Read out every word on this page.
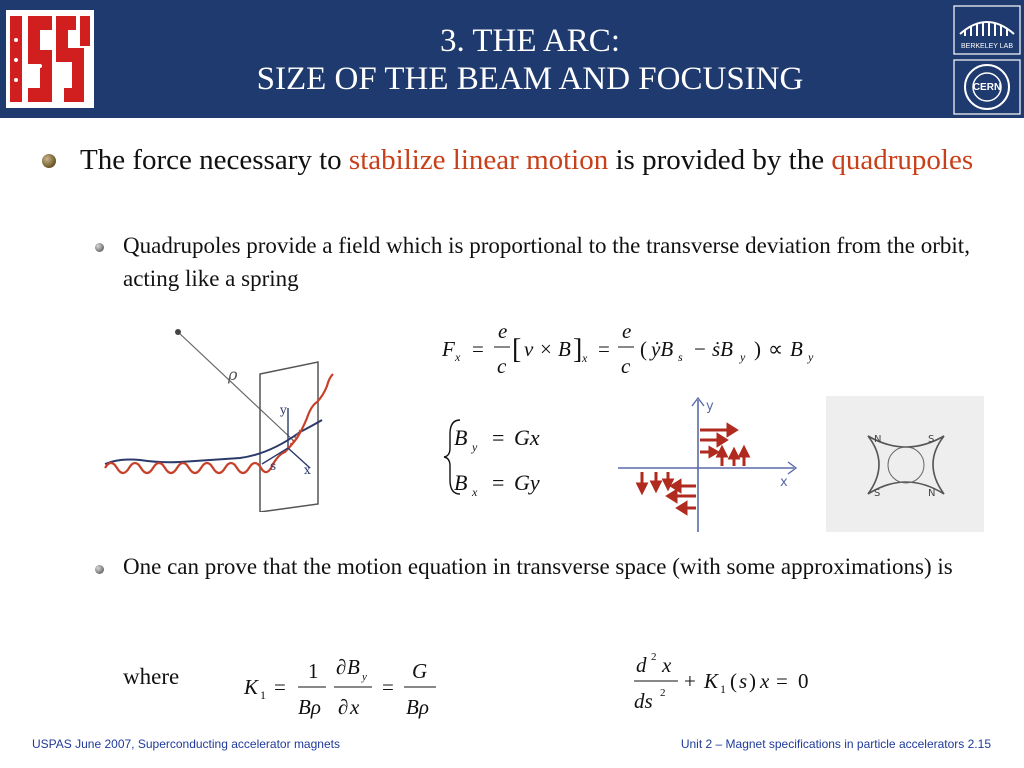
USPAS
3. THE ARC:
SIZE OF THE BEAM AND FOCUSING
BERKELEY LAB
CERN
The force necessary to stabilize linear motion is provided by the quadrupoles
Quadrupoles provide a field which is proportional to the transverse deviation from the orbit, acting like a spring
ρ
y
s x
F x =
e
c
[ v × B ] x =
e
c
( ẏB s − ṡB y ) ∝ B y
B y = Gx
B x = Gy
y
x
N	S
S	N
One can prove that the motion equation in transverse space (with some approximations) is
d 2 x
ds 2 + K 1 ( s ) x = 0
where	K 1 =
1
Bρ
∂ B y
∂ x
=
G
Bρ
USPAS June 2007, Superconducting accelerator magnets	Unit 2 – Magnet specifications in particle accelerators 2.15
